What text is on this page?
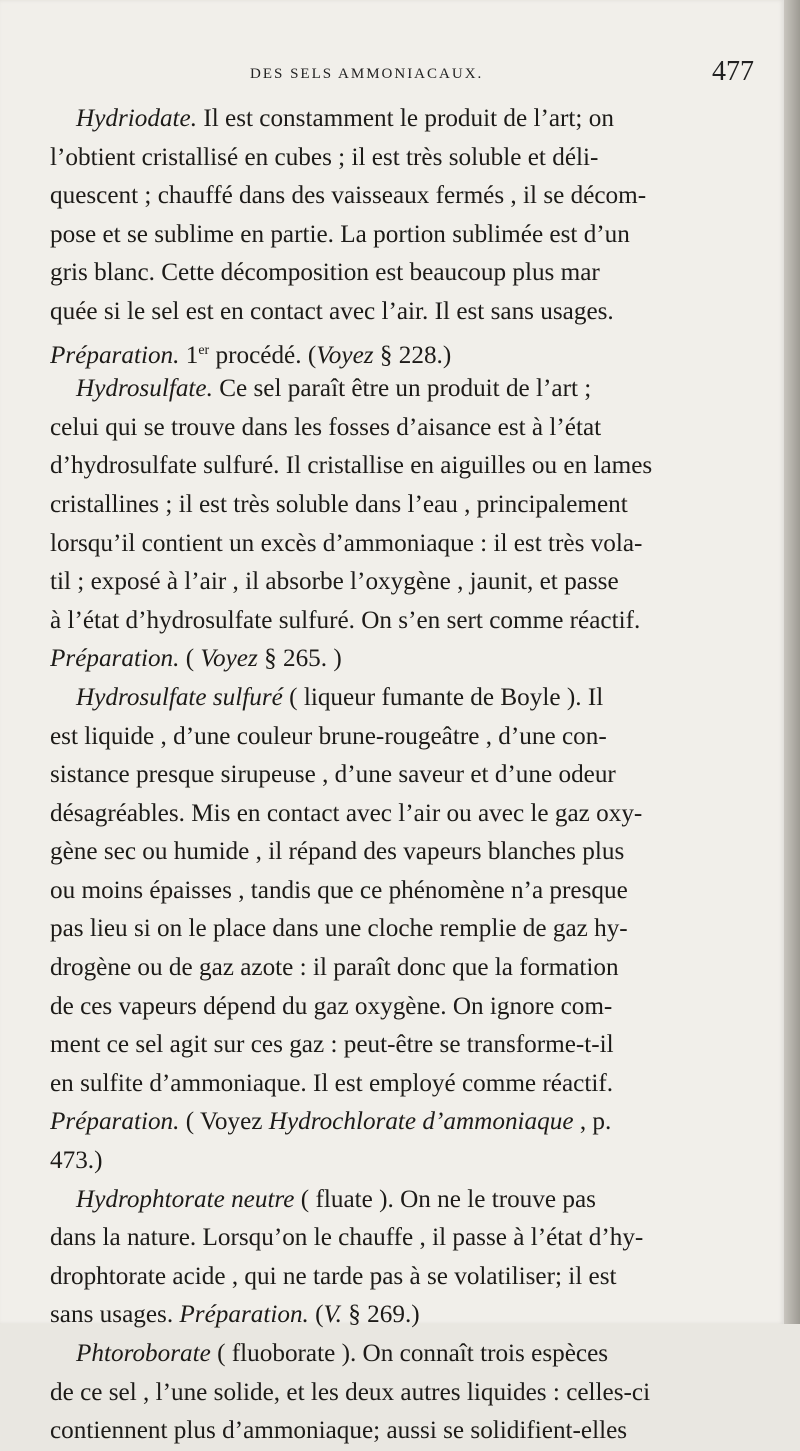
DES SELS AMMONIACAUX.	477
Hydriodate. Il est constamment le produit de l’art; on
l’obtient cristallisé en cubes ; il est très soluble et déli-
quescent ; chauffé dans des vaisseaux fermés , il se décom-
pose et se sublime en partie. La portion sublimée est d’un
gris blanc. Cette décomposition est beaucoup plus mar
quée si le sel est en contact avec l’air. Il est sans usages.
Préparation. 1er procédé. (Voyez § 228.)
Hydrosulfate. Ce sel paraît être un produit de l’art ;
celui qui se trouve dans les fosses d’aisance est à l’état
d’hydrosulfate sulfuré. Il cristallise en aiguilles ou en lames
cristallines ; il est très soluble dans l’eau , principalement
lorsqu’il contient un excès d’ammoniaque : il est très vola-
til ; exposé à l’air , il absorbe l’oxygène , jaunit, et passe
à l’état d’hydrosulfate sulfuré. On s’en sert comme réactif.
Préparation. ( Voyez § 265. )
Hydrosulfate sulfuré ( liqueur fumante de Boyle ). Il
est liquide , d’une couleur brune-rougeâtre , d’une con-
sistance presque sirupeuse , d’une saveur et d’une odeur
désagréables. Mis en contact avec l’air ou avec le gaz oxy-
gène sec ou humide , il répand des vapeurs blanches plus
ou moins épaisses , tandis que ce phénomène n’a presque
pas lieu si on le place dans une cloche remplie de gaz hy-
drogène ou de gaz azote : il paraît donc que la formation
de ces vapeurs dépend du gaz oxygène. On ignore com-
ment ce sel agit sur ces gaz : peut-être se transforme-t-il
en sulfite d’ammoniaque. Il est employé comme réactif.
Préparation. ( Voyez Hydrochlorate d’ammoniaque , p.
473.)
Hydrophtorate neutre ( fluate ). On ne le trouve pas
dans la nature. Lorsqu’on le chauffe , il passe à l’état d’hy-
drophtorate acide , qui ne tarde pas à se volatiliser; il est
sans usages. Préparation. (V. § 269.)
Phtoroborate ( fluoborate ). On connaît trois espèces
de ce sel , l’une solide, et les deux autres liquides : celles-ci
contiennent plus d’ammoniaque; aussi se solidifient-elles
